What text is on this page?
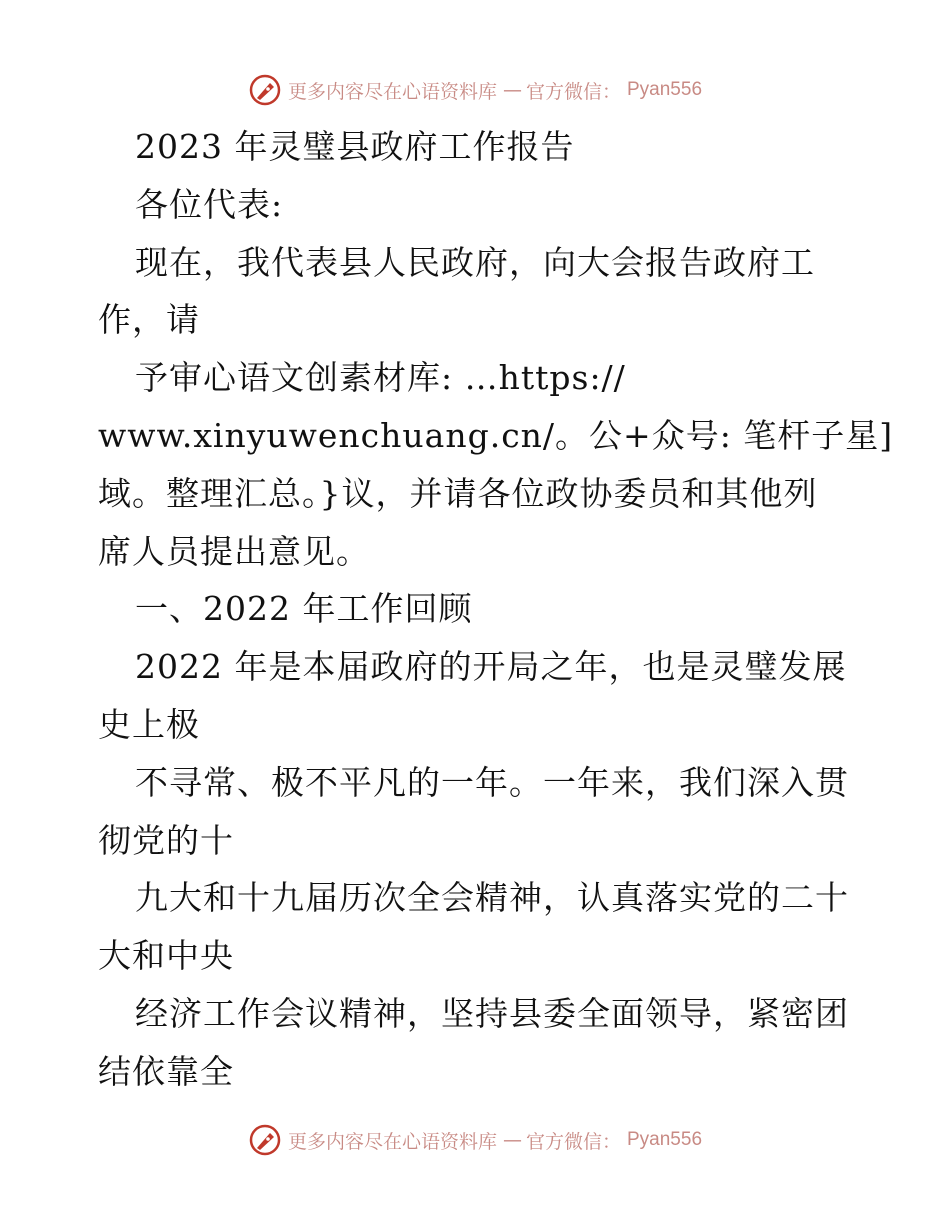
更多内容尽在心语资料库 — 官方微信： Pyan556
2023 年灵璧县政府工作报告
各位代表:
现在，我代表县人民政府，向大会报告政府工
作，请
予审心语文创素材库: …https://
www.xinyuwenchuang.cn/。公+众号: 笔杆子星]
域。整理汇总。}议，并请各位政协委员和其他列
席人员提出意见。
一、2022 年工作回顾
2022 年是本届政府的开局之年，也是灵璧发展
史上极
不寻常、极不平凡的一年。一年来，我们深入贯
彻党的十
九大和十九届历次全会精神，认真落实党的二十
大和中央
经济工作会议精神，坚持县委全面领导，紧密团
结依靠全
更多内容尽在心语资料库 — 官方微信： Pyan556
